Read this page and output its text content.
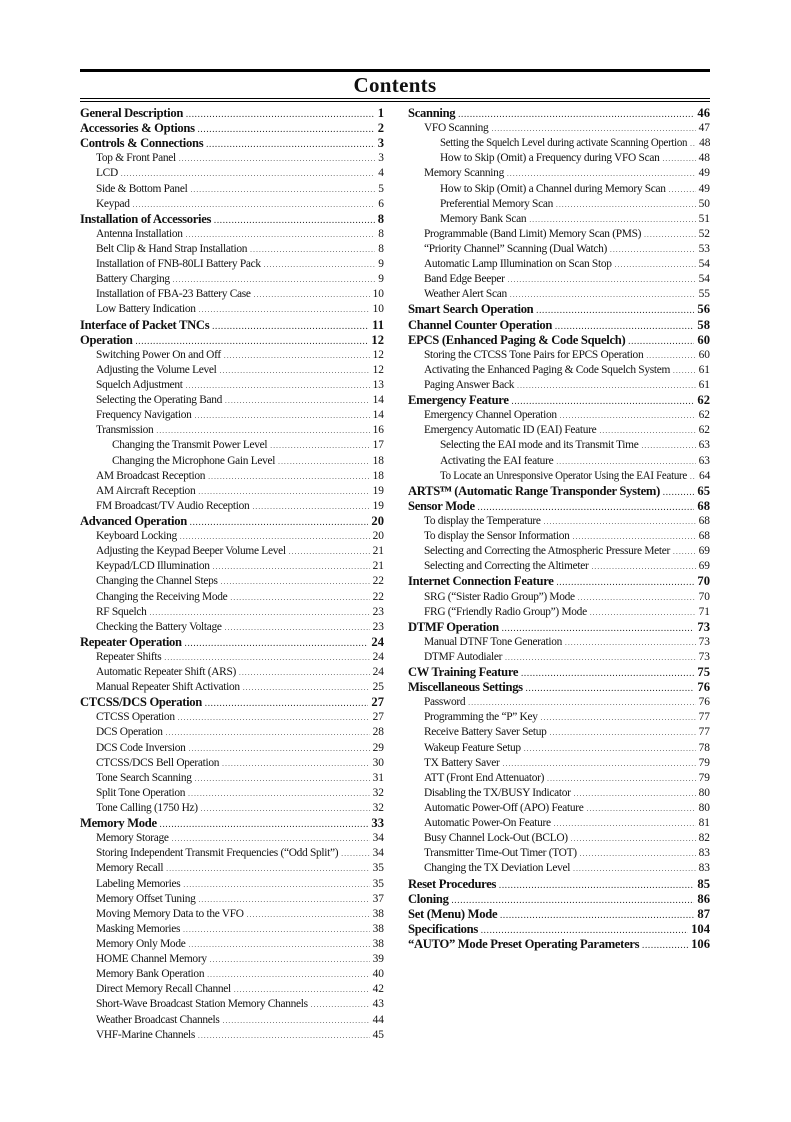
Contents
General Description .....	1
Accessories & Options .....	2
Controls & Connections .....	3
Top & Front Panel .....	3
LCD .....	4
Side & Bottom Panel .....	5
Keypad .....	6
Installation of Accessories .....	8
Antenna Installation .....	8
Belt Clip & Hand Strap Installation .....	8
Installation of FNB-80LI Battery Pack .....	9
Battery Charging .....	9
Installation of FBA-23 Battery Case .....	10
Low Battery Indication .....	10
Interface of Packet TNCs .....	11
Operation .....	12
Switching Power On and Off .....	12
Adjusting the Volume Level .....	12
Squelch Adjustment .....	13
Selecting the Operating Band .....	14
Frequency Navigation .....	14
Transmission .....	16
Changing the Transmit Power Level .....	17
Changing the Microphone Gain Level .....	18
AM Broadcast Reception .....	18
AM Aircraft Reception .....	19
FM Broadcast/TV Audio Reception .....	19
Advanced Operation .....	20
Keyboard Locking .....	20
Adjusting the Keypad Beeper Volume Level .....	21
Keypad/LCD Illumination .....	21
Changing the Channel Steps .....	22
Changing the Receiving Mode .....	22
RF Squelch .....	23
Checking the Battery Voltage .....	23
Repeater Operation .....	24
Repeater Shifts .....	24
Automatic Repeater Shift (ARS) .....	24
Manual Repeater Shift Activation .....	25
CTCSS/DCS Operation .....	27
CTCSS Operation .....	27
DCS Operation .....	28
DCS Code Inversion .....	29
CTCSS/DCS Bell Operation .....	30
Tone Search Scanning .....	31
Split Tone Operation .....	32
Tone Calling (1750 Hz) .....	32
Memory Mode .....	33
Memory Storage .....	34
Storing Independent Transmit Frequencies (“Odd Split”) .....	34
Memory Recall .....	35
Labeling Memories .....	35
Memory Offset Tuning .....	37
Moving Memory Data to the VFO .....	38
Masking Memories .....	38
Memory Only Mode .....	38
HOME Channel Memory .....	39
Memory Bank Operation .....	40
Direct Memory Recall Channel .....	42
Short-Wave Broadcast Station Memory Channels .....	43
Weather Broadcast Channels .....	44
VHF-Marine Channels .....	45
Scanning .....	46
VFO Scanning .....	47
Setting the Squelch Level during activate Scanning Opertion ..... 48
How to Skip (Omit) a Frequency during VFO Scan .....	48
Memory Scanning .....	49
How to Skip (Omit) a Channel during Memory Scan .....	49
Preferential Memory Scan .....	50
Memory Bank Scan .....	51
Programmable (Band Limit) Memory Scan (PMS) .....	52
“Priority Channel” Scanning (Dual Watch) .....	53
Automatic Lamp Illumination on Scan Stop .....	54
Band Edge Beeper .....	54
Weather Alert Scan .....	55
Smart Search Operation .....	56
Channel Counter Operation .....	58
EPCS (Enhanced Paging & Code Squelch) .....	60
Storing the CTCSS Tone Pairs for EPCS Operation .....	60
Activating the Enhanced Paging & Code Squelch System .....	61
Paging Answer Back .....	61
Emergency Feature .....	62
Emergency Channel Operation .....	62
Emergency Automatic ID (EAI) Feature .....	62
Selecting the EAI mode and its Transmit Time .....	63
Activating the EAI feature .....	63
To Locate an Unresponsive Operator Using the EAI Feature ..... 64
ARTSᵀᴹ (Automatic Range Transponder System) .....	65
Sensor Mode .....	68
To display the Temperature .....	68
To display the Sensor Information .....	68
Selecting and Correcting the Atmospheric Pressure Meter .....	69
Selecting and Correcting the Altimeter .....	69
Internet Connection Feature .....	70
SRG (“Sister Radio Group”) Mode .....	70
FRG (“Friendly Radio Group”) Mode .....	71
DTMF Operation .....	73
Manual DTNF Tone Generation .....	73
DTMF Autodialer .....	73
CW Training Feature .....	75
Miscellaneous Settings .....	76
Password .....	76
Programming the “P” Key .....	77
Receive Battery Saver Setup .....	77
Wakeup Feature Setup .....	78
TX Battery Saver .....	79
ATT (Front End Attenuator) .....	79
Disabling the TX/BUSY Indicator .....	80
Automatic Power-Off (APO) Feature .....	80
Automatic Power-On Feature .....	81
Busy Channel Lock-Out (BCLO) .....	82
Transmitter Time-Out Timer (TOT) .....	83
Changing the TX Deviation Level .....	83
Reset Procedures .....	85
Cloning .....	86
Set (Menu) Mode .....	87
Specifications .....	104
“AUTO” Mode Preset Operating Parameters .....	106
